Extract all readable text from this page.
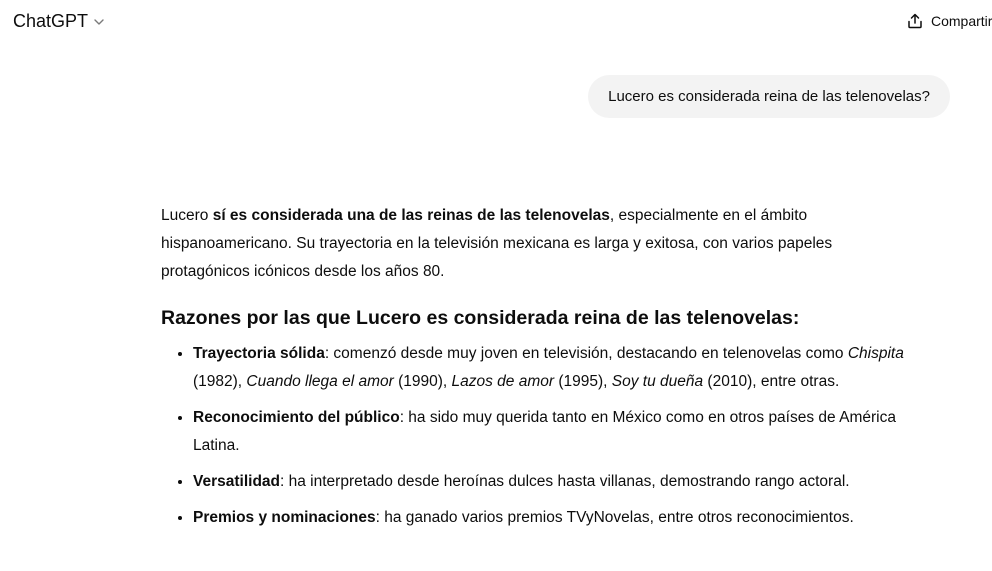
ChatGPT	Compartir
Lucero es considerada reina de las telenovelas?

Lucero sí es considerada una de las reinas de las telenovelas, especialmente en el ámbito hispanoamericano. Su trayectoria en la televisión mexicana es larga y exitosa, con varios papeles protagónicos icónicos desde los años 80.

Razones por las que Lucero es considerada reina de las telenovelas:
• Trayectoria sólida: comenzó desde muy joven en televisión, destacando en telenovelas como Chispita (1982), Cuando llega el amor (1990), Lazos de amor (1995), Soy tu dueña (2010), entre otras.
• Reconocimiento del público: ha sido muy querida tanto en México como en otros países de América Latina.
• Versatilidad: ha interpretado desde heroínas dulces hasta villanas, demostrando rango actoral.
• Premios y nominaciones: ha ganado varios premios TVyNovelas, entre otros reconocimientos.
